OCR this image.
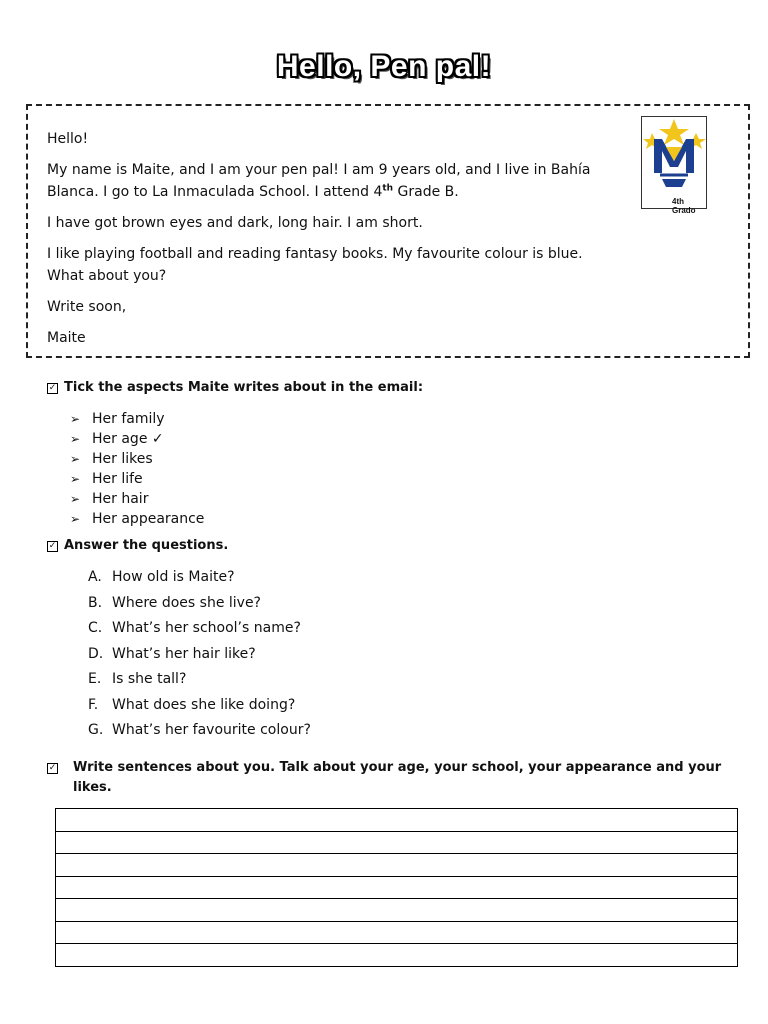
Hello, Pen pal!

Hello!

My name is Maite, and I am your pen pal! I am 9 years old, and I live in Bahía Blanca. I go to La Inmaculada School. I attend 4th Grade B.

I have got brown eyes and dark, long hair. I am short.

I like playing football and reading fantasy books. My favourite colour is blue. What about you?

Write soon,

Maite

4th Grado
✓ Tick the aspects Maite writes about in the email:
➢ Her family
➢ Her age ✓
➢ Her likes
➢ Her life
➢ Her hair
➢ Her appearance
✓ Answer the questions.
A. How old is Maite?
B. Where does she live?
C. What’s her school’s name?
D. What’s her hair like?
E. Is she tall?
F. What does she like doing?
G. What’s her favourite colour?
✓ Write sentences about you. Talk about your age, your school, your appearance and your likes.
